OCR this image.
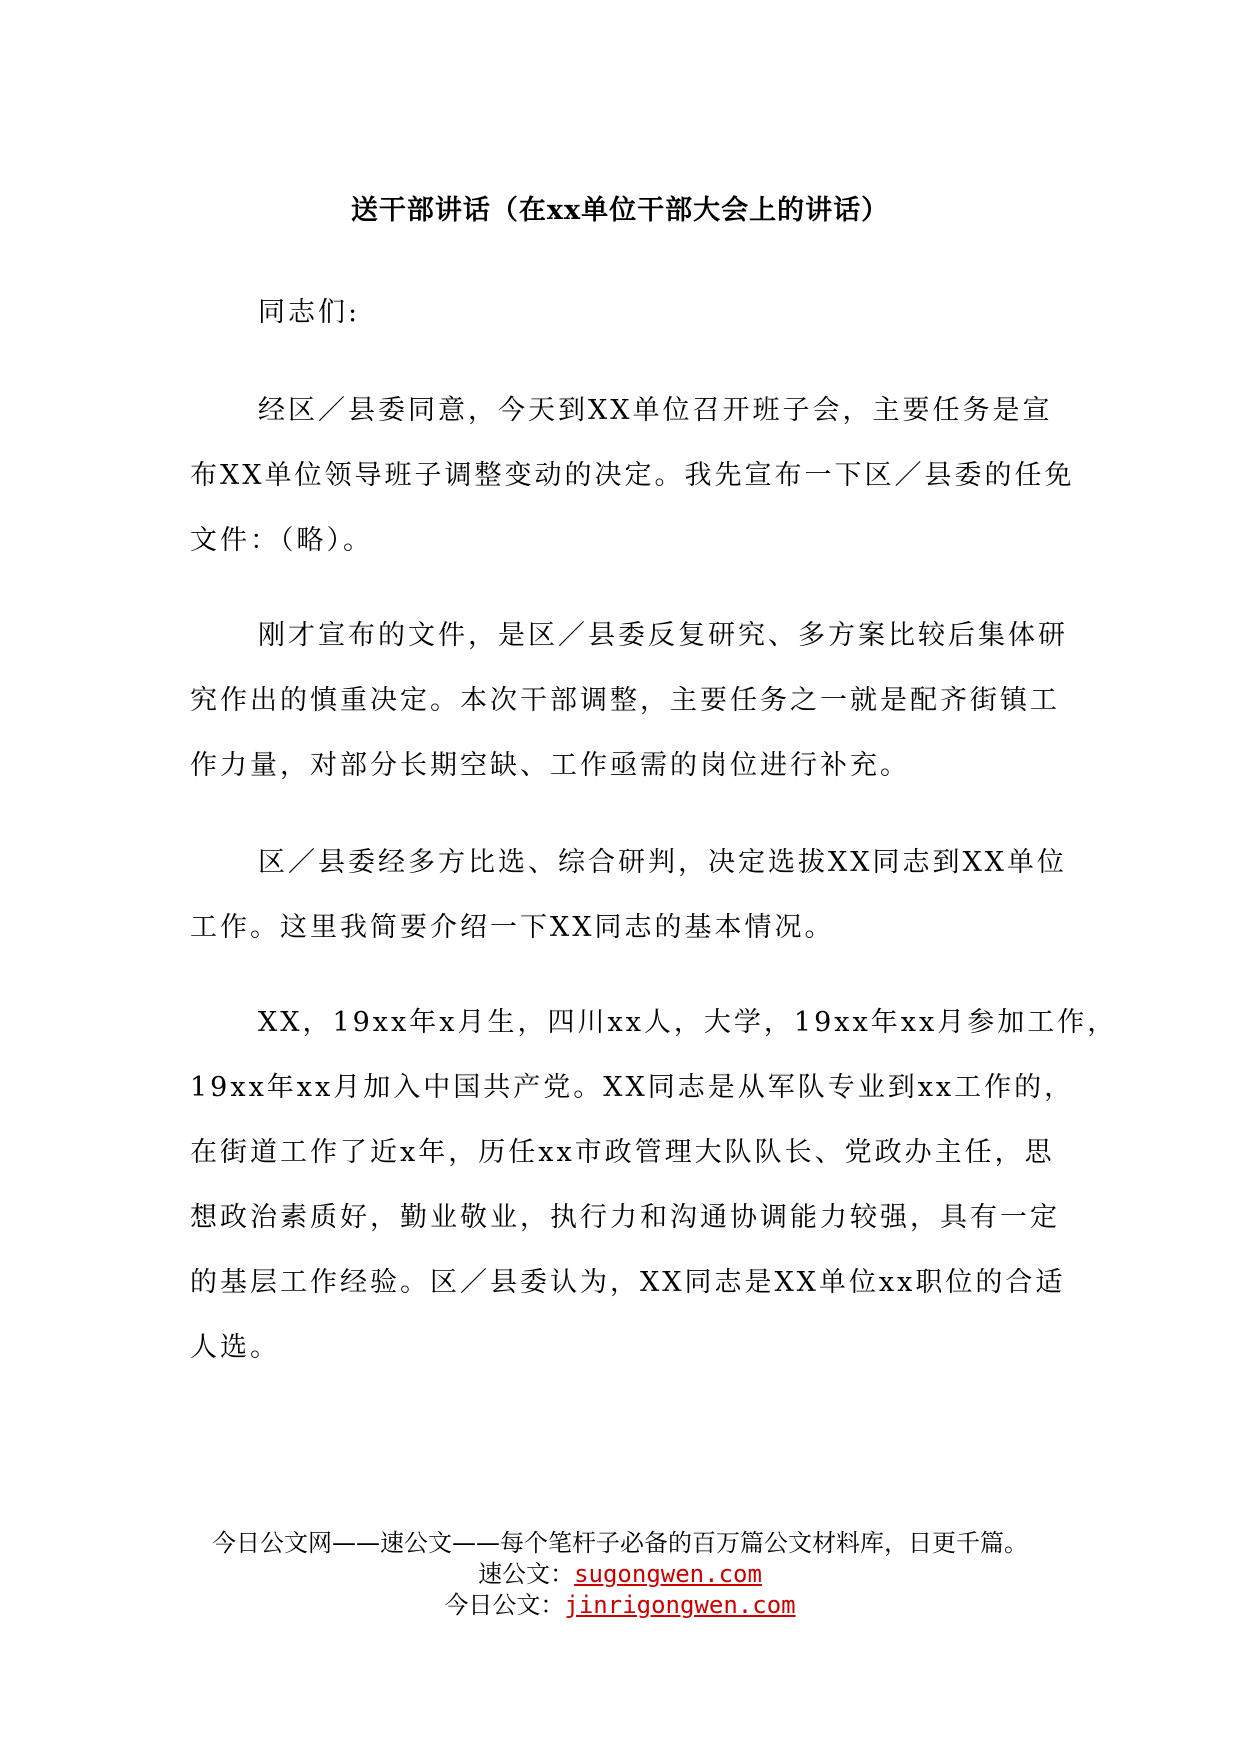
送干部讲话（在xx单位干部大会上的讲话）
同志们:
经区／县委同意，今天到XX单位召开班子会，主要任务是宣
布XX单位领导班子调整变动的决定。我先宣布一下区／县委的任免
文件：（略）。
刚才宣布的文件，是区／县委反复研究、多方案比较后集体研
究作出的慎重决定。本次干部调整，主要任务之一就是配齐街镇工
作力量，对部分长期空缺、工作亟需的岗位进行补充。
区／县委经多方比选、综合研判，决定选拔XX同志到XX单位
工作。这里我简要介绍一下XX同志的基本情况。
XX，19xx年x月生，四川xx人，大学，19xx年xx月参加工作，
19xx年xx月加入中国共产党。XX同志是从军队专业到xx工作的，
在街道工作了近x年，历任xx市政管理大队队长、党政办主任，思
想政治素质好，勤业敬业，执行力和沟通协调能力较强，具有一定
的基层工作经验。区／县委认为，XX同志是XX单位xx职位的合适
人选。
今日公文网——速公文——每个笔杆子必备的百万篇公文材料库，日更千篇。
速公文：sugongwen.com
今日公文：jinrigongwen.com
